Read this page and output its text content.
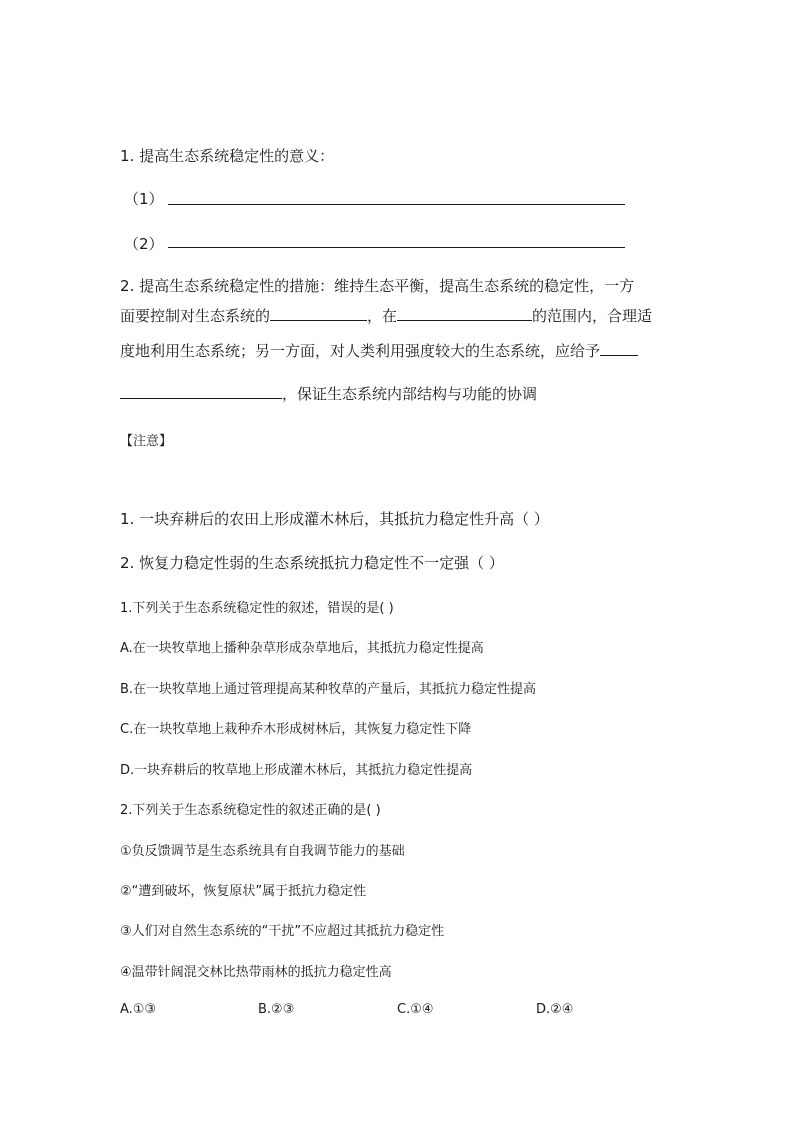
1. 提高生态系统稳定性的意义：
（1）
（2）
2. 提高生态系统稳定性的措施：维持生态平衡，提高生态系统的稳定性，一方
面要控制对生态系统的	，在	的范围内，合理适
度地利用生态系统；另一方面，对人类利用强度较大的生态系统，应给予
，保证生态系统内部结构与功能的协调
【注意】
1. 一块弃耕后的农田上形成灌木林后，其抵抗力稳定性升高（ ）
2. 恢复力稳定性弱的生态系统抵抗力稳定性不一定强（ ）
1.下列关于生态系统稳定性的叙述，错误的是( )
A.在一块牧草地上播种杂草形成杂草地后，其抵抗力稳定性提高
B.在一块牧草地上通过管理提高某种牧草的产量后，其抵抗力稳定性提高
C.在一块牧草地上栽种乔木形成树林后，其恢复力稳定性下降
D.一块弃耕后的牧草地上形成灌木林后，其抵抗力稳定性提高
2.下列关于生态系统稳定性的叙述正确的是( )
①负反馈调节是生态系统具有自我调节能力的基础
②“遭到破坏，恢复原状”属于抵抗力稳定性
③人们对自然生态系统的“干扰”不应超过其抵抗力稳定性
④温带针阔混交林比热带雨林的抵抗力稳定性高
A.①③	B.②③	C.①④	D.②④
